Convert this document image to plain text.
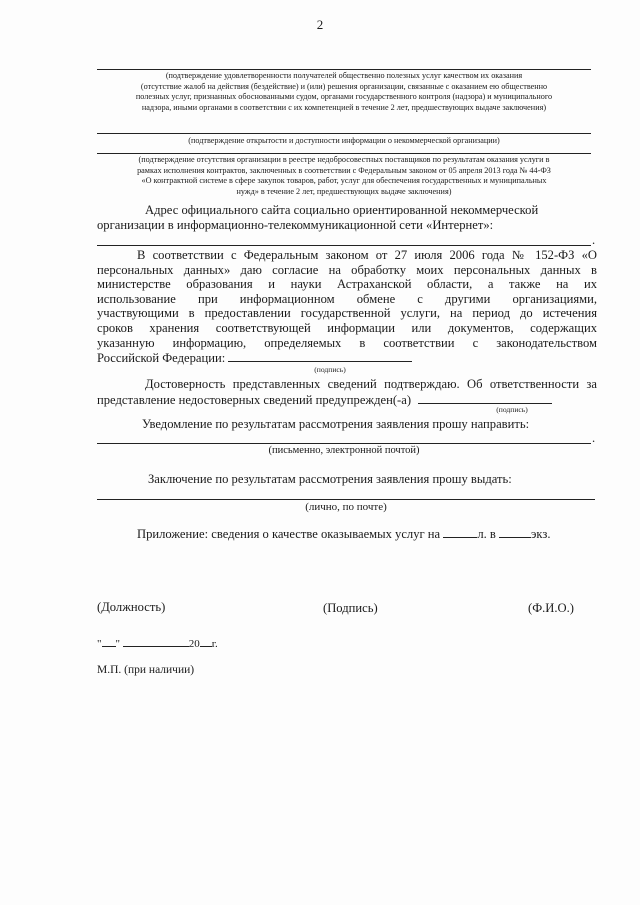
2
(подтверждение удовлетворенности получателей общественно полезных услуг качеством их оказания
(отсутствие жалоб на действия (бездействие) и (или) решения организации, связанные с оказанием ею общественно
полезных услуг, признанных обоснованными судом, органами государственного контроля (надзора) и муниципального
надзора, иными органами в соответствии с их компетенцией в течение 2 лет, предшествующих выдаче заключения)
(подтверждение открытости и доступности информации о некоммерческой организации)
(подтверждение отсутствия организации в реестре недобросовестных поставщиков по результатам оказания услуги в
рамках исполнения контрактов, заключенных в соответствии с Федеральным законом от 05 апреля 2013 года № 44-ФЗ
«О контрактной системе в сфере закупок товаров, работ, услуг для обеспечения государственных и муниципальных
нужд» в течение 2 лет, предшествующих выдаче заключения)
Адрес официального сайта социально ориентированной некоммерческой
организации в информационно-телекоммуникационной сети «Интернет»:
.
В соответствии с Федеральным законом от 27 июля 2006 года № 152-ФЗ «О
персональных данных» даю согласие на обработку моих персональных данных в
министерстве образования и науки Астраханской области, а также на их
использование при информационном обмене с другими организациями,
участвующими в предоставлении государственной услуги, на период до истечения
сроков хранения соответствующей информации или документов, содержащих
указанную информацию, определяемых в соответствии с законодательством
Российской Федерации:
(подпись)
Достоверность представленных сведений подтверждаю. Об ответственности за
представление недостоверных сведений предупрежден(-а)
(подпись)
Уведомление по результатам рассмотрения заявления прошу направить:
.
(письменно, электронной почтой)
Заключение по результатам рассмотрения заявления прошу выдать:
(лично, по почте)
Приложение: сведения о качестве оказываемых услуг на	л. в	экз.
(Должность)	(Подпись)	(Ф.И.О.)
" "	20 г.
М.П. (при наличии)
